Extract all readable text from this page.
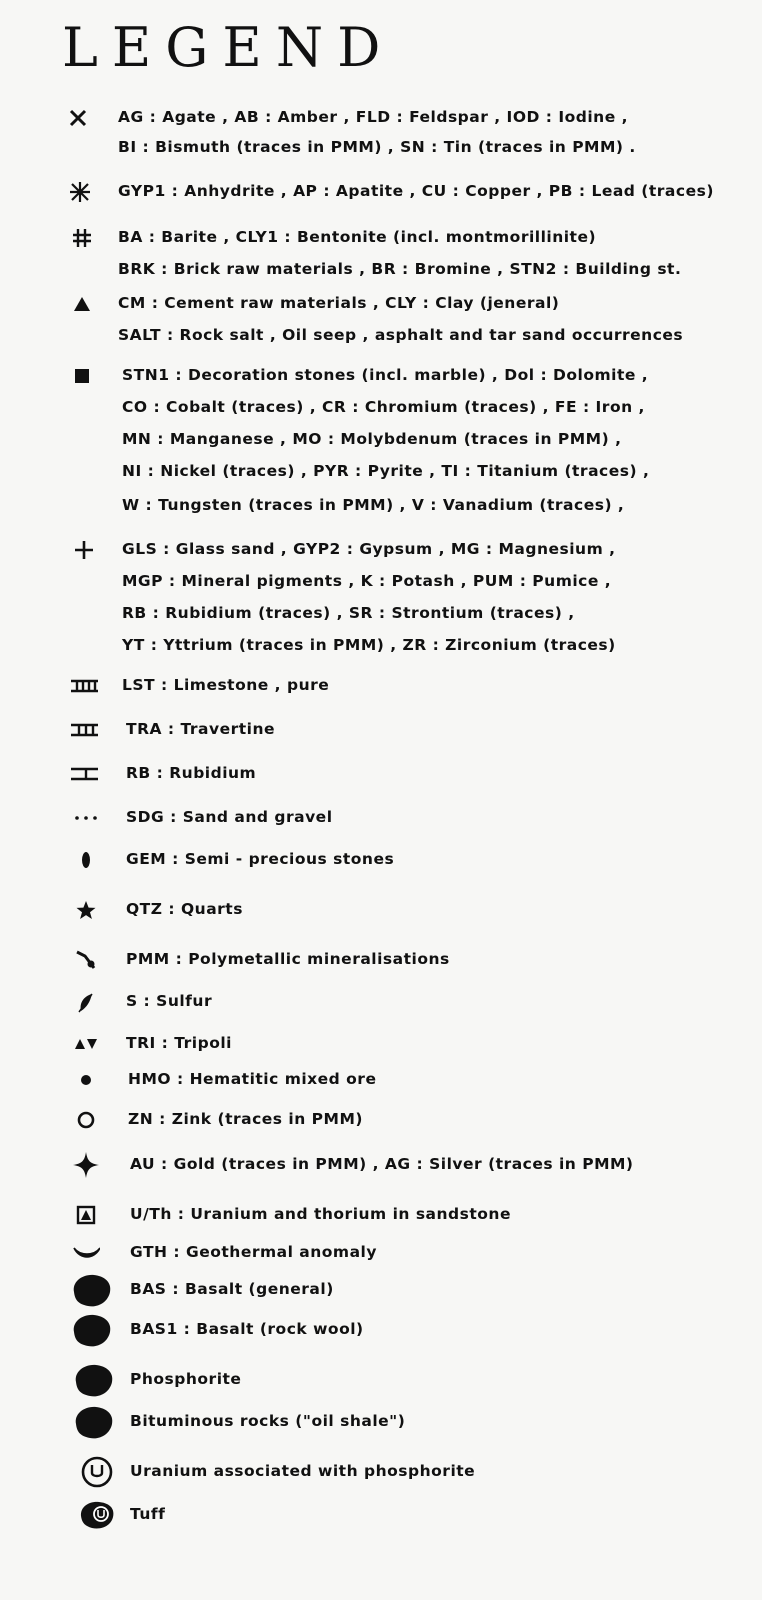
LEGEND
AG : Agate , AB : Amber , FLD : Feldspar , IOD : Iodine ,
BI : Bismuth (traces in PMM) , SN : Tin (traces in PMM) .
GYP1 : Anhydrite , AP : Apatite , CU : Copper , PB : Lead (traces)
BA : Barite , CLY1 : Bentonite (incl. montmorillinite)
BRK : Brick raw materials , BR : Bromine , STN2 : Building st.
CM : Cement raw materials , CLY : Clay (jeneral)
SALT : Rock salt , Oil seep , asphalt and tar sand occurrences
STN1 : Decoration stones (incl. marble) , Dol : Dolomite ,
CO : Cobalt (traces) , CR : Chromium (traces) , FE : Iron ,
MN : Manganese , MO : Molybdenum (traces in PMM) ,
NI : Nickel (traces) , PYR : Pyrite , TI : Titanium (traces) ,
W : Tungsten (traces in PMM) , V : Vanadium (traces) ,
GLS : Glass sand , GYP2 : Gypsum , MG : Magnesium ,
MGP : Mineral pigments , K : Potash , PUM : Pumice ,
RB : Rubidium (traces) , SR : Strontium (traces) ,
YT : Yttrium (traces in PMM) , ZR : Zirconium (traces)
LST : Limestone , pure
TRA : Travertine
RB : Rubidium
SDG : Sand and gravel
GEM : Semi - precious stones
QTZ : Quarts
PMM : Polymetallic mineralisations
S : Sulfur
TRI : Tripoli
HMO : Hematitic mixed ore
ZN : Zink (traces in PMM)
AU : Gold (traces in PMM) , AG : Silver (traces in PMM)
U/Th : Uranium and thorium in sandstone
GTH : Geothermal anomaly
BAS : Basalt (general)
BAS1 : Basalt (rock wool)
Phosphorite
Bituminous rocks ("oil shale")
Uranium associated with phosphorite
Tuff
